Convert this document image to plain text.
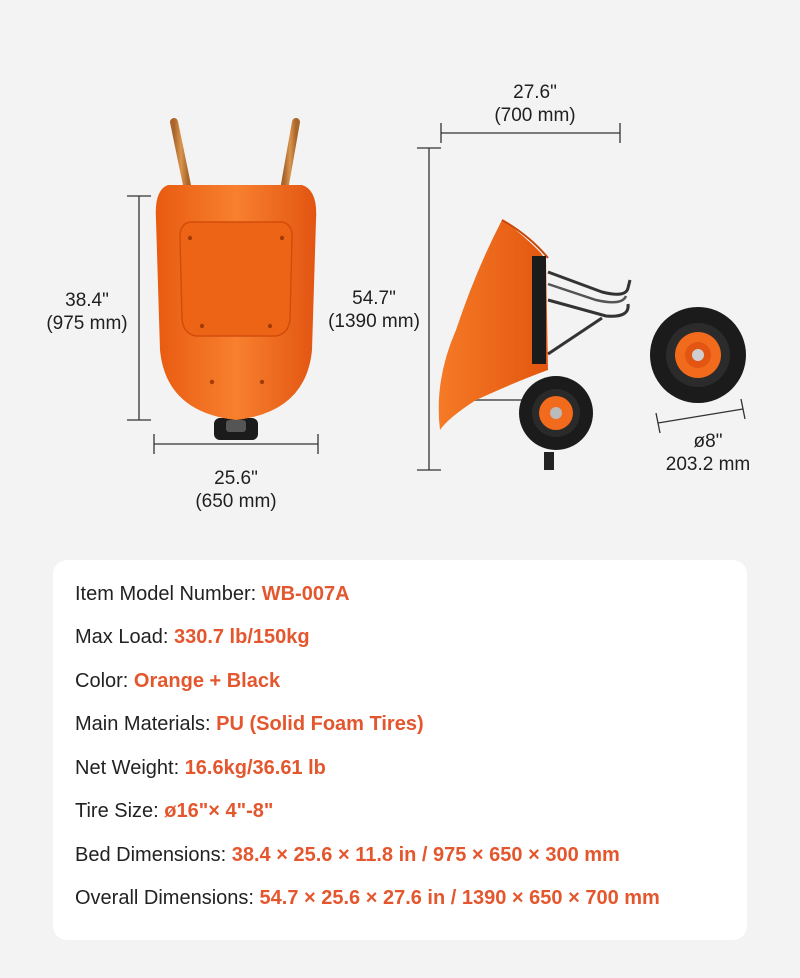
38.4"
(975 mm)
25.6"
(650 mm)
54.7"
(1390 mm)
27.6"
(700 mm)
ø8"
203.2 mm
Item Model Number: WB-007A
Max Load: 330.7 lb/150kg
Color: Orange + Black
Main Materials: PU (Solid Foam Tires)
Net Weight: 16.6kg/36.61 lb
Tire Size: ø16"× 4"-8"
Bed Dimensions: 38.4 × 25.6 × 11.8 in / 975 × 650 × 300 mm
Overall Dimensions: 54.7 × 25.6 × 27.6 in / 1390 × 650 × 700 mm
